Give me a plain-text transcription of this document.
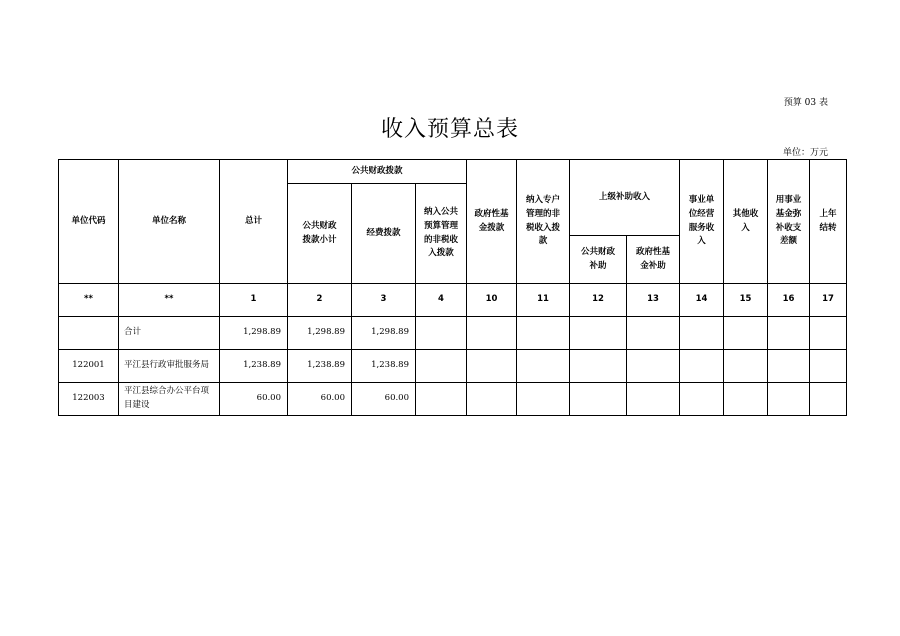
预算 03 表
收入预算总表
单位：万元
单位代码	单位名称	总计	公共财政拨款			政府性基金拨款	纳入专户管理的非税收入拨款	上级补助收入		事业单位经营服务收入	其他收入	用事业基金弥补收支差额	上年结转
			公共财政拨款小计	经费拨款	纳入公共预算管理的非税收入拨款								
								公共财政补助	政府性基金补助				
**	**	1	2	3	4	10	11	12	13	14	15	16	17
	合计	1,298.89	1,298.89	1,298.89									
122001	平江县行政审批服务局	1,238.89	1,238.89	1,238.89									
122003	平江县综合办公平台项目建设	60.00	60.00	60.00									
